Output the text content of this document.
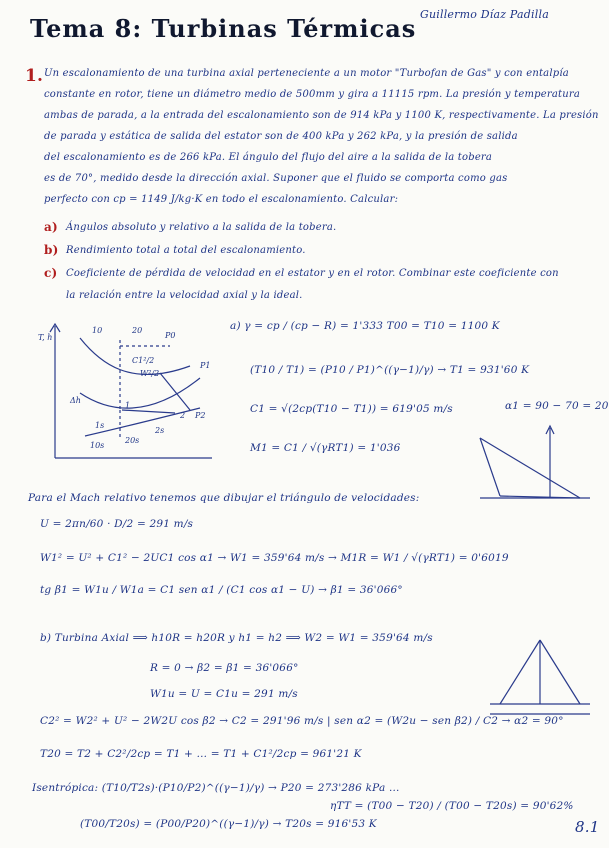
Tema 8: Turbinas Térmicas Guillermo Díaz Padilla
1. Un escalonamiento de una turbina axial perteneciente a un motor "Turbofan de Gas" y con entalpía
constante en rotor, tiene un diámetro medio de 500mm y gira a 11115 rpm. La presión y temperatura
ambas de parada, a la entrada del escalonamiento son de 914 kPa y 1100 K, respectivamente. La presión
de parada y estática de salida del estator son de 400 kPa y 262 kPa, y la presión de salida
del escalonamiento es de 266 kPa. El ángulo del flujo del aire a la salida de la tobera
es de 70°, medido desde la dirección axial. Suponer que el fluido se comporta como gas
perfecto con cp = 1149 J/kg·K en todo el escalonamiento. Calcular:
a) Ángulos absoluto y relativo a la salida de la tobera.
b) Rendimiento total a total del escalonamiento.
c) Coeficiente de pérdida de velocidad en el estator y en el rotor. Combinar este coeficiente con
la relación entre la velocidad axial y la ideal.
T, h
10	20
P0
1
2
P1
P2
10s
20s
1s
2s
Δh
W²/2
C1²/2
a) γ = cp / (cp − R) = 1'333 T00 = T10 = 1100 K
(T10 / T1) = (P10 / P1)^((γ−1)/γ) → T1 = 931'60 K
C1 = √(2cp(T10 − T1)) = 619'05 m/s
M1 = C1 / √(γRT1) = 1'036
α1 = 90 − 70 = 20
Para el Mach relativo tenemos que dibujar el triángulo de velocidades:
U = 2πn/60 · D/2 = 291 m/s
W1² = U² + C1² − 2UC1 cos α1 → W1 = 359'64 m/s → M1R = W1 / √(γRT1) = 0'6019
tg β1 = W1u / W1a = C1 sen α1 / (C1 cos α1 − U) → β1 = 36'066°
b) Turbina Axial ⟹ h10R = h20R y h1 = h2 ⟹ W2 = W1 = 359'64 m/s
R = 0 → β2 = β1 = 36'066°
W1u = U = C1u = 291 m/s
C2² = W2² + U² − 2W2U cos β2 → C2 = 291'96 m/s | sen α2 = (W2u − sen β2) / C2 → α2 = 90°
T20 = T2 + C2²/2cp = T1 + ... = T1 + C1²/2cp = 961'21 K
Isentrópica: (T10/T2s)·(P10/P2)^((γ−1)/γ) → P20 = 273'286 kPa ...
(T00/T20s) = (P00/P20)^((γ−1)/γ) → T20s = 916'53 K
ηTT = (T00 − T20) / (T00 − T20s) = 90'62%
8.1
